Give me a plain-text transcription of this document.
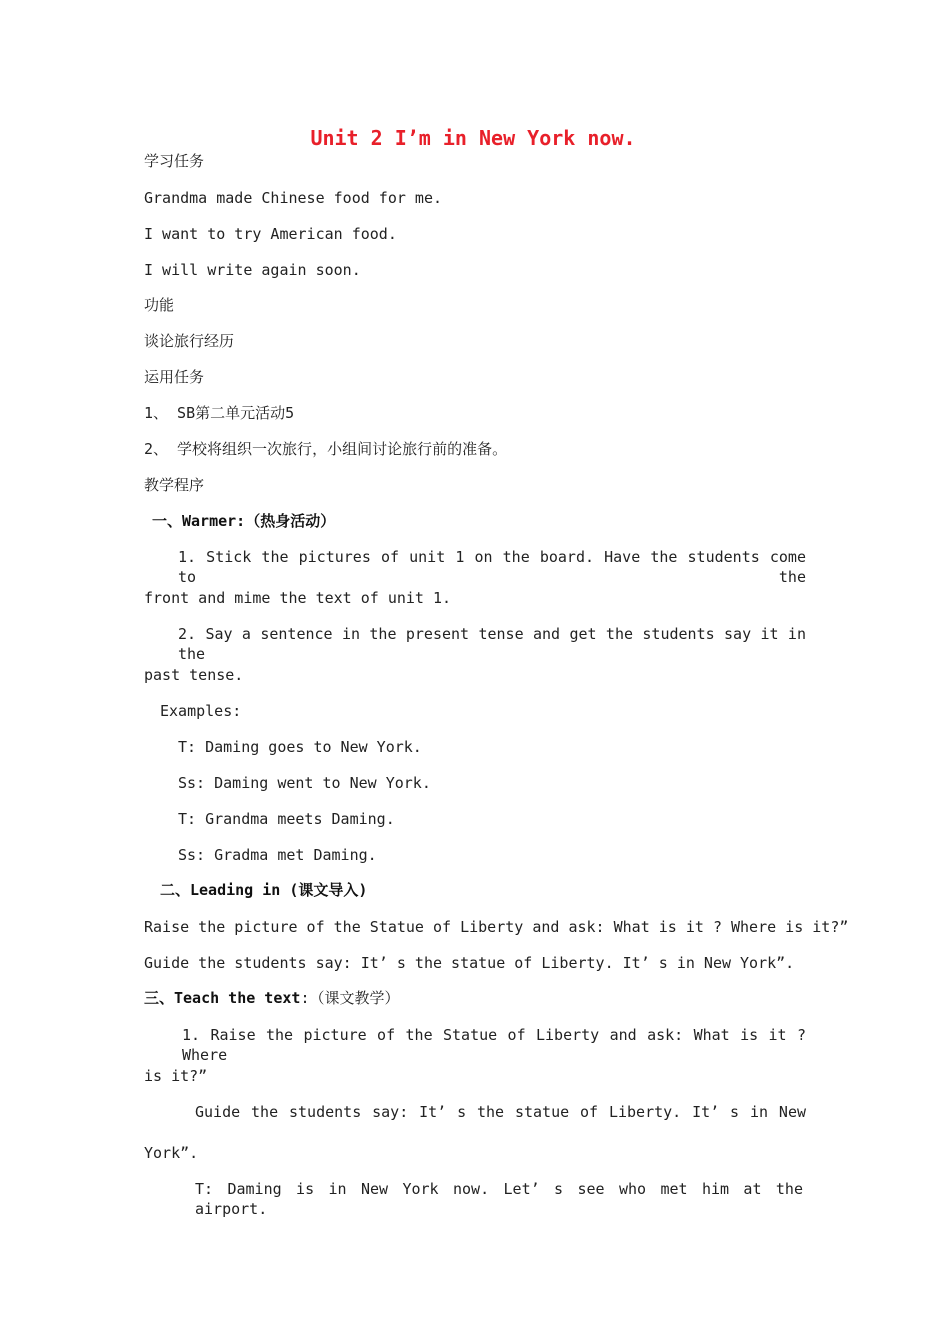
Unit 2 I’m in New York now.

学习任务

Grandma made Chinese food for me.

I want to try American food.

I will write again soon.

功能

谈论旅行经历

运用任务

1、 SB第二单元活动5

2、 学校将组织一次旅行，小组间讨论旅行前的准备。

教学程序

一、Warmer:（热身活动）

1. Stick the pictures of unit 1 on the board. Have the students come to the

front and mime the text of unit 1.

2. Say a sentence in the present tense and get the students say it in the

past tense.

Examples:

T: Daming goes to New York.

Ss: Daming went to New York.

T: Grandma meets Daming.

Ss: Gradma met Daming.

二、Leading in (课文导入)

Raise the picture of the Statue of Liberty and ask: What is it ? Where is it?”

Guide the students say: It’ s the statue of Liberty. It’ s in New York”.

三、Teach the text:（课文教学）

1. Raise the picture of the Statue of Liberty and ask: What is it ? Where

is it?”

Guide the students say: It’ s the statue of Liberty. It’ s in New

York”.

T: Daming is in New York now. Let’ s see who met him at the airport.
